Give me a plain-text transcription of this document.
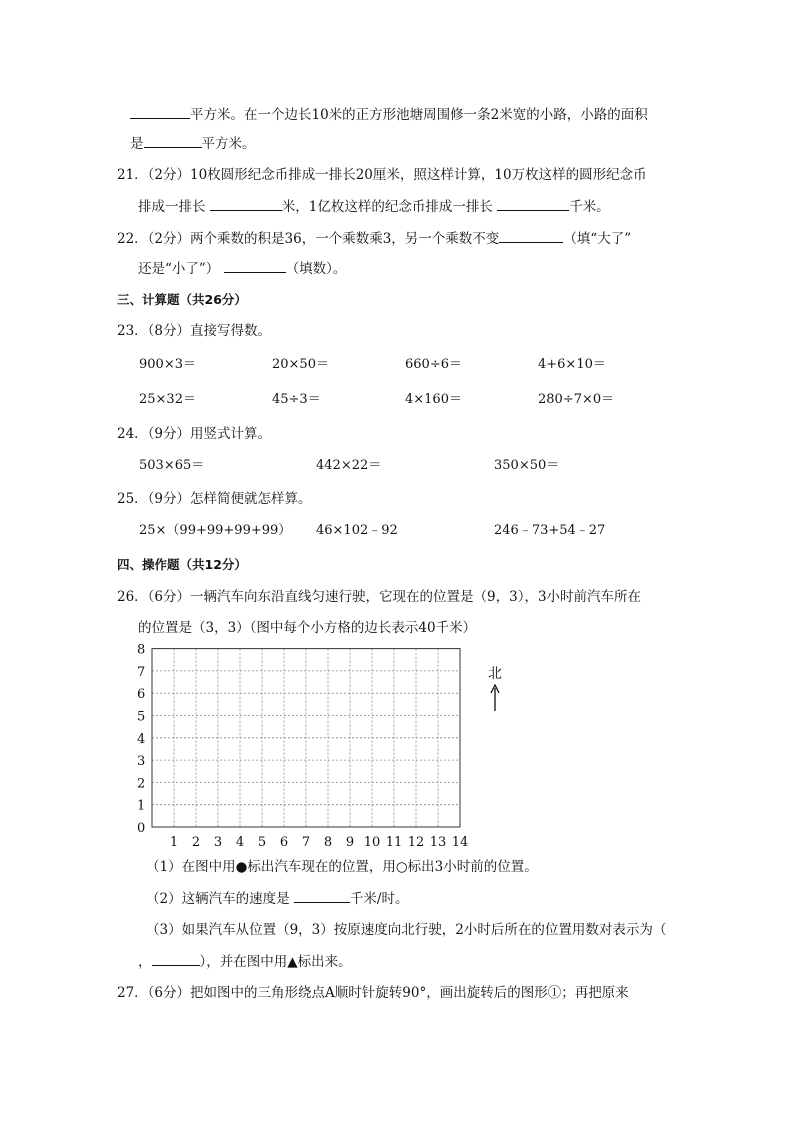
平方米。在一个边长10米的正方形池塘周围修一条2米宽的小路，小路的面积
是	平方米。
21．（2分）10枚圆形纪念币排成一排长20厘米，照这样计算，10万枚这样的圆形纪念币
排成一排长	米，1亿枚这样的纪念币排成一排长	千米。
22．（2分）两个乘数的积是36，一个乘数乘3，另一个乘数不变	（填“大了”
还是“小了”）	（填数）。
三、计算题（共26分）
23．（8分）直接写得数。
900×3＝	20×50＝	660÷6＝	4+6×10＝
25×32＝	45÷3＝	4×160＝	280÷7×0＝
24．（9分）用竖式计算。
503×65＝	442×22＝	350×50＝
25．（9分）怎样简便就怎样算。
25×（99+99+99+99） 46×102﹣92	246﹣73+54﹣27
四、操作题（共12分）
26．（6分）一辆汽车向东沿直线匀速行驶，它现在的位置是（9，3），3小时前汽车所在
的位置是（3，3）（图中每个小方格的边长表示40千米）
0
1
2
3
4
5
6
7
8
1 2 3 4 5 6 7 8 9 10 11 12 13 14
北
（1）在图中用●标出汽车现在的位置，用○标出3小时前的位置。
（2）这辆汽车的速度是	千米/时。
（3）如果汽车从位置（9，3）按原速度向北行驶，2小时后所在的位置用数对表示为（
，	），并在图中用▲标出来。
27．（6分）把如图中的三角形绕点A顺时针旋转90°，画出旋转后的图形①；再把原来
